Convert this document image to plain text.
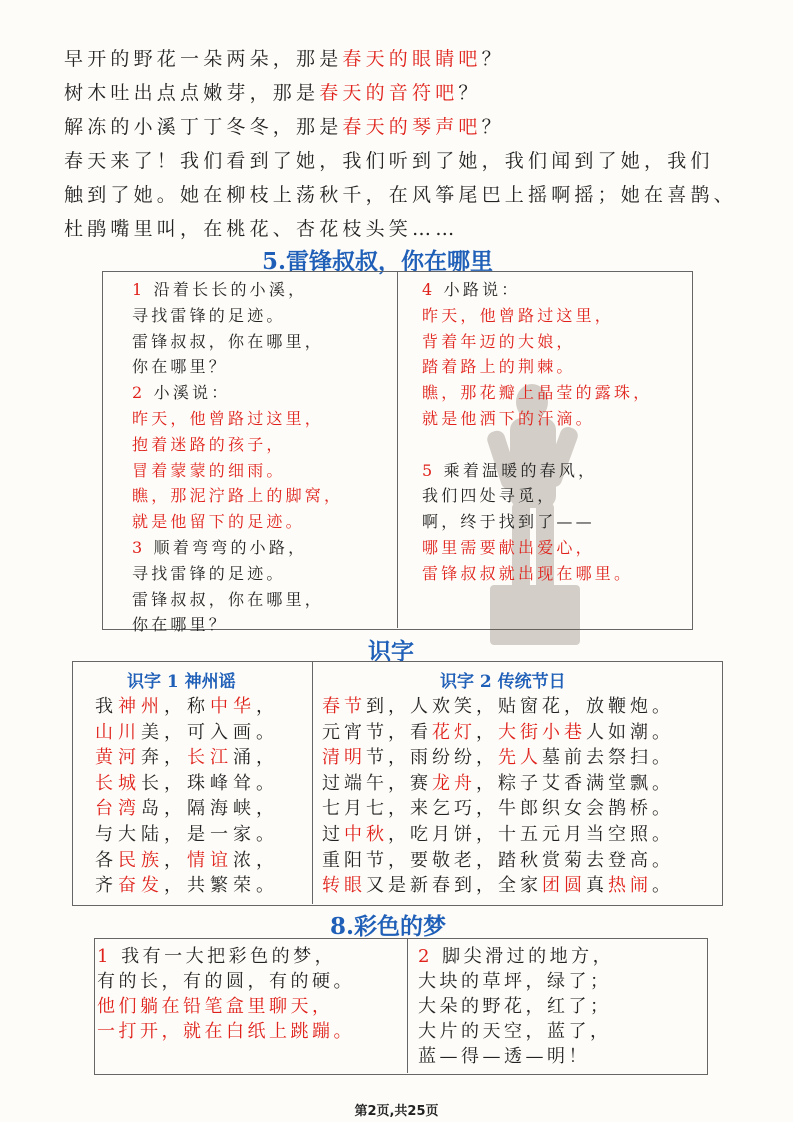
早开的野花一朵两朵，那是春天的眼睛吧？
树木吐出点点嫩芽，那是春天的音符吧？
解冻的小溪丁丁冬冬，那是春天的琴声吧？
春天来了！我们看到了她，我们听到了她，我们闻到了她，我们
触到了她。她在柳枝上荡秋千，在风筝尾巴上摇啊摇；她在喜鹊、
杜鹃嘴里叫，在桃花、杏花枝头笑……
5.雷锋叔叔，你在哪里
1 沿着长长的小溪，
寻找雷锋的足迹。
雷锋叔叔，你在哪里，
你在哪里？
2 小溪说：
昨天，他曾路过这里，
抱着迷路的孩子，
冒着蒙蒙的细雨。
瞧，那泥泞路上的脚窝，
就是他留下的足迹。
3 顺着弯弯的小路，
寻找雷锋的足迹。
雷锋叔叔，你在哪里，
你在哪里？
4 小路说：
昨天，他曾路过这里，
背着年迈的大娘，
踏着路上的荆棘。
瞧，那花瓣上晶莹的露珠，
就是他洒下的汗滴。
5 乘着温暖的春风，
我们四处寻觅，
啊，终于找到了——
哪里需要献出爱心，
雷锋叔叔就出现在哪里。
识字
识字 1 神州谣	识字 2 传统节日
我神州，称中华，
山川美，可入画。
黄河奔，长江涌，
长城长，珠峰耸。
台湾岛，隔海峡，
与大陆，是一家。
各民族，情谊浓，
齐奋发，共繁荣。
春节到，人欢笑，贴窗花，放鞭炮。
元宵节，看花灯，大街小巷人如潮。
清明节，雨纷纷，先人墓前去祭扫。
过端午，赛龙舟，粽子艾香满堂飘。
七月七，来乞巧，牛郎织女会鹊桥。
过中秋，吃月饼，十五元月当空照。
重阳节，要敬老，踏秋赏菊去登高。
转眼又是新春到，全家团圆真热闹。
8.彩色的梦
1 我有一大把彩色的梦，
有的长，有的圆，有的硬。
他们躺在铅笔盒里聊天，
一打开，就在白纸上跳蹦。
2 脚尖滑过的地方，
大块的草坪，绿了；
大朵的野花，红了；
大片的天空，蓝了，
蓝—得—透—明！
第2页,共25页
